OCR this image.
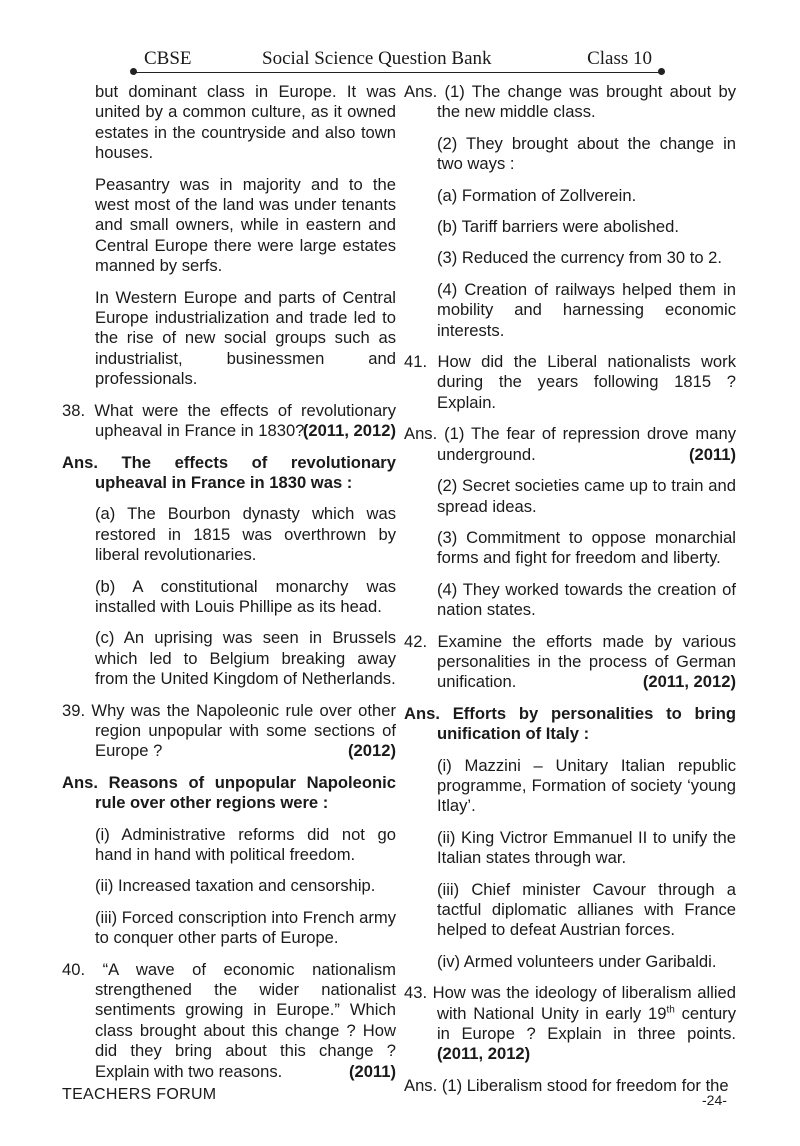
CBSE	Social Science Question Bank	Class 10
but dominant class in Europe. It was united by a common culture, as it owned estates in the countryside and also town houses.
Peasantry was in majority and to the west most of the land was under tenants and small owners, while in eastern and Central Europe there were large estates manned by serfs.
In Western Europe and parts of Central Europe industrialization and trade led to the rise of new social groups such as industrialist, businessmen and professionals.
38. What were the effects of revolutionary upheaval in France in 1830?
(2011, 2012)
Ans. The effects of revolutionary upheaval in France in 1830 was :
(a) The Bourbon dynasty which was restored in 1815 was overthrown by liberal revolutionaries.
(b) A constitutional monarchy was installed with Louis Phillipe as its head.
(c) An uprising was seen in Brussels which led to Belgium breaking away from the United Kingdom of Netherlands.
39. Why was the Napoleonic rule over other region unpopular with some sections of Europe ?	(2012)
Ans. Reasons of unpopular Napoleonic rule over other regions were :
(i) Administrative reforms did not go hand in hand with political freedom.
(ii) Increased taxation and censorship.
(iii) Forced conscription into French army to conquer other parts of Europe.
40. “A wave of economic nationalism strengthened the wider nationalist sentiments growing in Europe.” Which class brought about this change ? How did they bring about this change ? Explain with two reasons.	(2011)
Ans. (1) The change was brought about by the new middle class.
(2) They brought about the change in two ways :
(a) Formation of Zollverein.
(b) Tariff barriers were abolished.
(3) Reduced the currency from 30 to 2.
(4) Creation of railways helped them in mobility and harnessing economic interests.
41. How did the Liberal nationalists work during the years following 1815 ? Explain.
Ans. (1) The fear of repression drove many underground.	(2011)
(2) Secret societies came up to train and spread ideas.
(3) Commitment to oppose monarchial forms and fight for freedom and liberty.
(4) They worked towards the creation of nation states.
42. Examine the efforts made by various personalities in the process of German unification.	(2011, 2012)
Ans. Efforts by personalities to bring unification of Italy :
(i) Mazzini – Unitary Italian republic programme, Formation of society ‘young Itlay’.
(ii) King Victror Emmanuel II to unify the Italian states through war.
(iii) Chief minister Cavour through a tactful diplomatic allianes with France helped to defeat Austrian forces.
(iv) Armed volunteers under Garibaldi.
43. How was the ideology of liberalism allied with National Unity in early 19th century in Europe ? Explain in three points.(2011, 2012)
Ans. (1) Liberalism stood for freedom for the
TEACHERS FORUM	-24-
